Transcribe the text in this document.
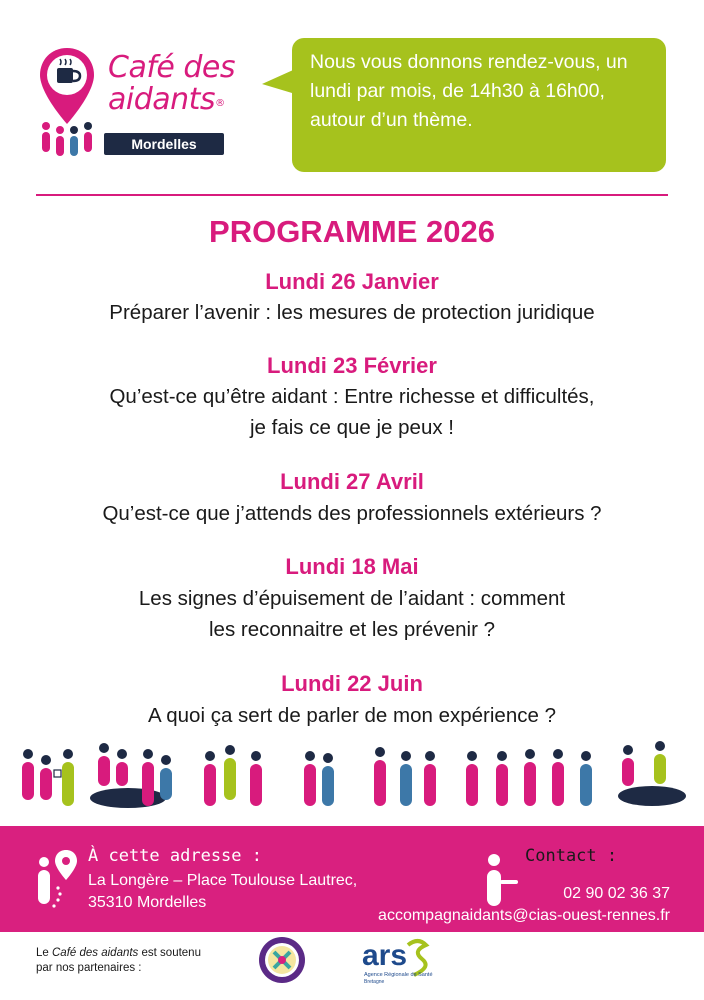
Café des
aidants®
Mordelles
Nous vous donnons rendez-vous, un lundi par mois, de 14h30 à 16h00, autour d’un thème.
PROGRAMME 2026
Lundi 26 Janvier
Préparer l’avenir : les mesures de protection juridique
Lundi 23 Février
Qu’est-ce qu’être aidant : Entre richesse et difficultés,
je fais ce que je peux !
Lundi 27 Avril
Qu’est-ce que j’attends des professionnels extérieurs ?
Lundi 18 Mai
Les signes d’épuisement de l’aidant : comment
les reconnaitre et les prévenir ?
Lundi 22 Juin
A quoi ça sert de parler de mon expérience ?
À cette adresse :
La Longère – Place Toulouse Lautrec,
35310 Mordelles
Contact :
02 90 02 36 37
accompagnaidants@cias-ouest-rennes.fr
Le Café des aidants est soutenu
par nos partenaires :	ars
Agence Régionale de Santé
Bretagne
